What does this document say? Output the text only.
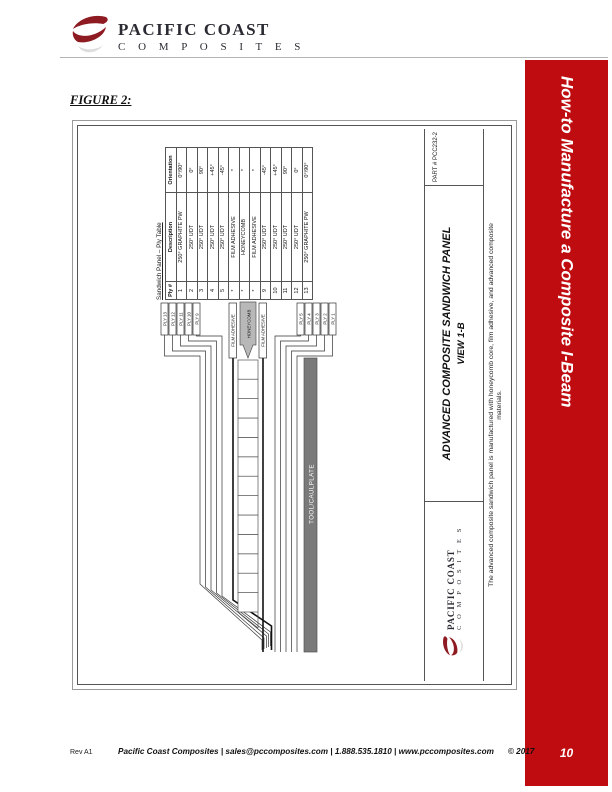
PACIFIC COAST
C O M P O S I T E S
FIGURE 2:
TOOL/CAULPLATE
PLY 13 PLY 12 PLY 11 PLY 10 PLY 9	FILM ADHESIVE	FILM ADHESIVE
HONEYCOMB	PLY 5 PLY 4 PLY 3 PLY 2 PLY 1
Sandwich Panel – Ply Table Ply #	Description	Orientation
1	250° GRAPHITE PW	0°/90°
2	250° UDT	0°
3	250° UDT	90°
4	250° UDT	+45°
5	250° UDT	-45°
*	FILM ADHESIVE	*
*	HONEYCOMB	*
*	FILM ADHESIVE	*
9	250° UDT	-45°
10	250° UDT	+45°
11	250° UDT	90°
12	250° UDT	0°
13	250° GRAPHITE PW	0°/90°
PACIFIC COAST C O M P O S I T E S
ADVANCED COMPOSITE SANDWICH PANEL VIEW 1-B
PART # PCC232-2
The advanced composite sandwich panel is manufactured with honeycomb core, film adhesive, and advanced composite materials.	How-to Manufacture a Composite I-Beam
10
Rev A1	Pacific Coast Composites | sales@pccomposites.com | 1.888.535.1810 | www.pccomposites.com © 2017
